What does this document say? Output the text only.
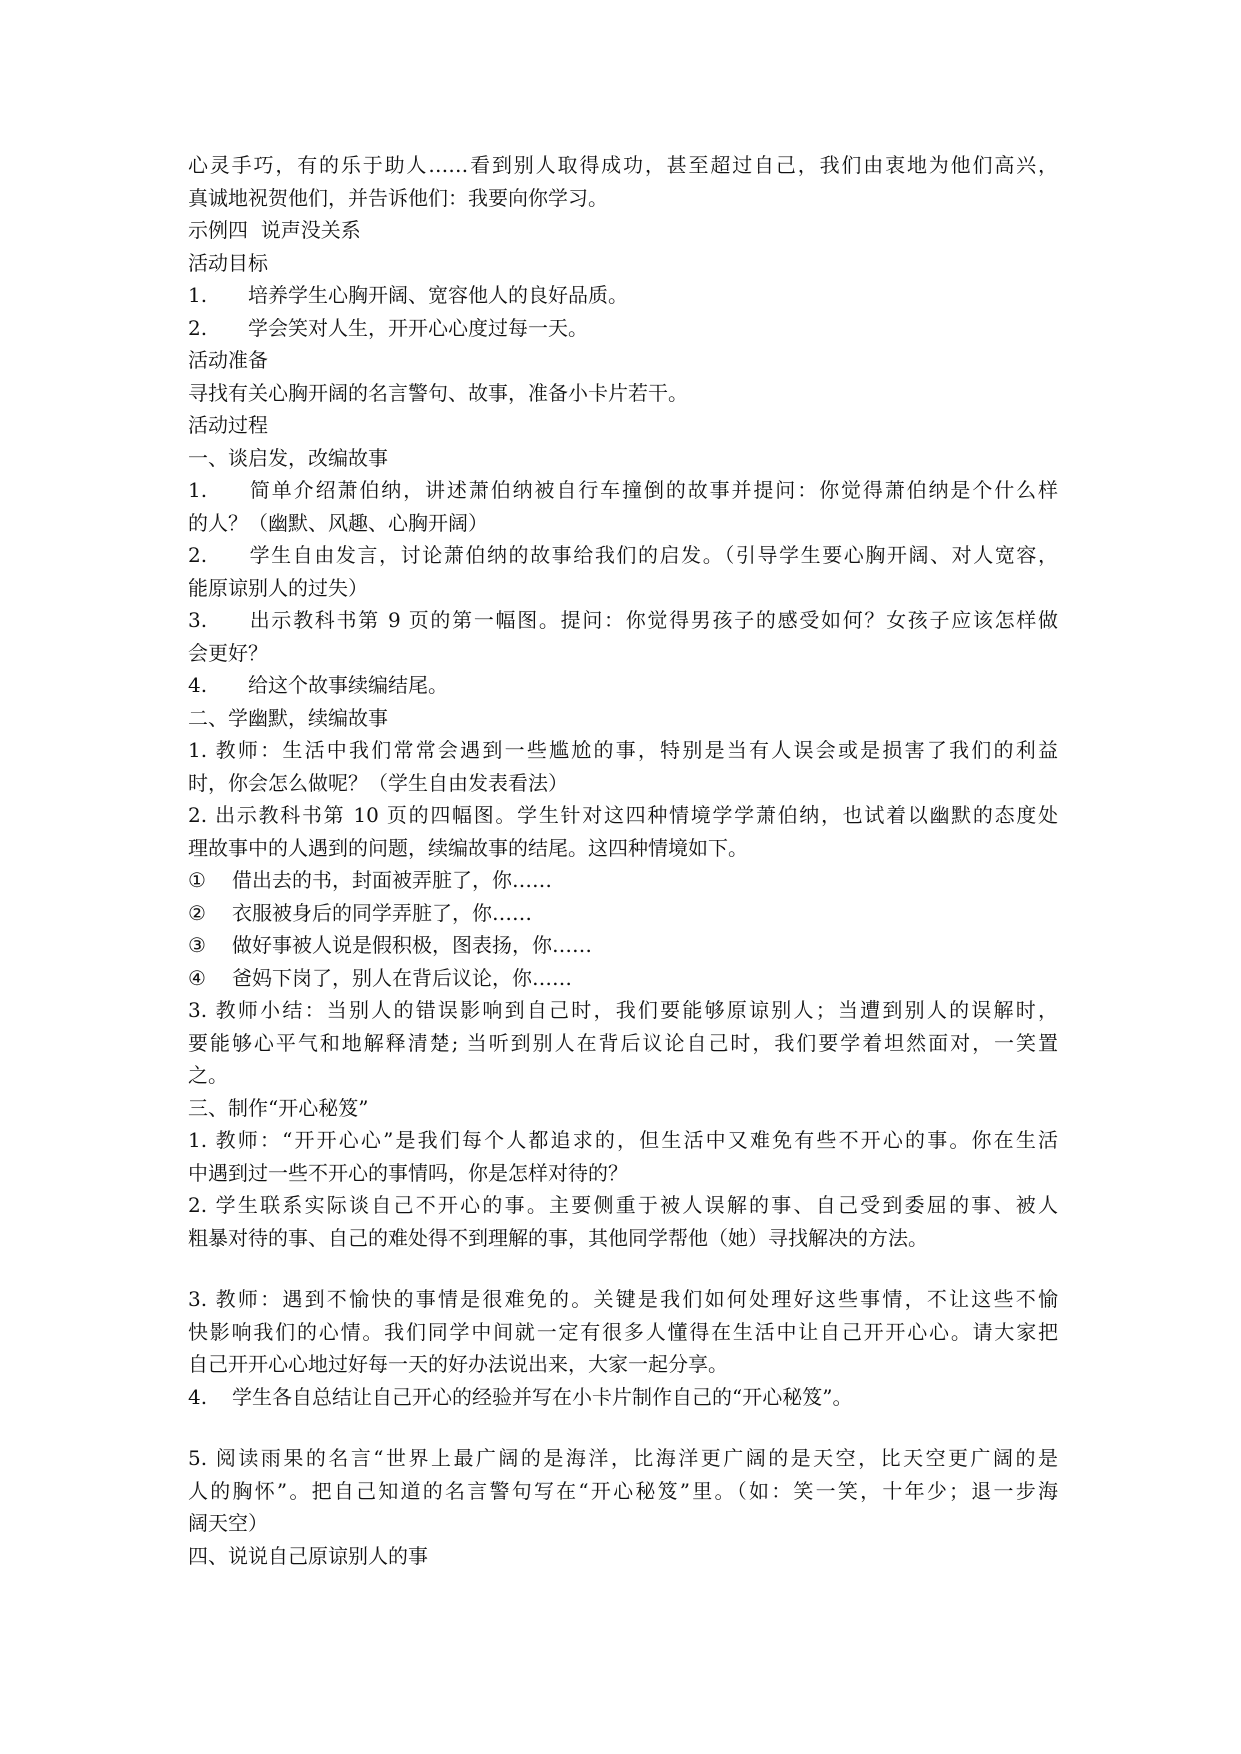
心灵手巧，有的乐于助人……看到别人取得成功，甚至超过自己，我们由衷地为他们高兴，
真诚地祝贺他们，并告诉他们：我要向你学习。
示例四  说声没关系
活动目标
1. 培养学生心胸开阔、宽容他人的良好品质。
2. 学会笑对人生，开开心心度过每一天。
活动准备
寻找有关心胸开阔的名言警句、故事，准备小卡片若干。
活动过程
一、谈启发，改编故事
1. 简单介绍萧伯纳，讲述萧伯纳被自行车撞倒的故事并提问：你觉得萧伯纳是个什么样
的人？（幽默、风趣、心胸开阔）
2. 学生自由发言，讨论萧伯纳的故事给我们的启发。（引导学生要心胸开阔、对人宽容，
能原谅别人的过失）
3. 出示教科书第 9 页的第一幅图。提问：你觉得男孩子的感受如何？女孩子应该怎样做
会更好？
4. 给这个故事续编结尾。
二、学幽默，续编故事
1. 教师：生活中我们常常会遇到一些尴尬的事，特别是当有人误会或是损害了我们的利益
时，你会怎么做呢？（学生自由发表看法）
2. 出示教科书第 10 页的四幅图。学生针对这四种情境学学萧伯纳，也试着以幽默的态度处
理故事中的人遇到的问题，续编故事的结尾。这四种情境如下。
① 借出去的书，封面被弄脏了，你……
② 衣服被身后的同学弄脏了，你……
③ 做好事被人说是假积极，图表扬，你……
④ 爸妈下岗了，别人在背后议论，你……
3. 教师小结：当别人的错误影响到自己时，我们要能够原谅别人；当遭到别人的误解时，
要能够心平气和地解释清楚; 当听到别人在背后议论自己时，我们要学着坦然面对，一笑置
之。
三、制作“开心秘笈”
1. 教师：“开开心心”是我们每个人都追求的，但生活中又难免有些不开心的事。你在生活
中遇到过一些不开心的事情吗，你是怎样对待的？
2. 学生联系实际谈自己不开心的事。主要侧重于被人误解的事、自己受到委屈的事、被人
粗暴对待的事、自己的难处得不到理解的事，其他同学帮他（她）寻找解决的方法。
3. 教师：遇到不愉快的事情是很难免的。关键是我们如何处理好这些事情，不让这些不愉
快影响我们的心情。我们同学中间就一定有很多人懂得在生活中让自己开开心心。请大家把
自己开开心心地过好每一天的好办法说出来，大家一起分享。
4. 学生各自总结让自己开心的经验并写在小卡片制作自己的“开心秘笈”。
5. 阅读雨果的名言“世界上最广阔的是海洋，比海洋更广阔的是天空，比天空更广阔的是
人的胸怀”。把自己知道的名言警句写在“开心秘笈”里。（如：笑一笑，十年少；退一步海
阔天空）
四、说说自己原谅别人的事
